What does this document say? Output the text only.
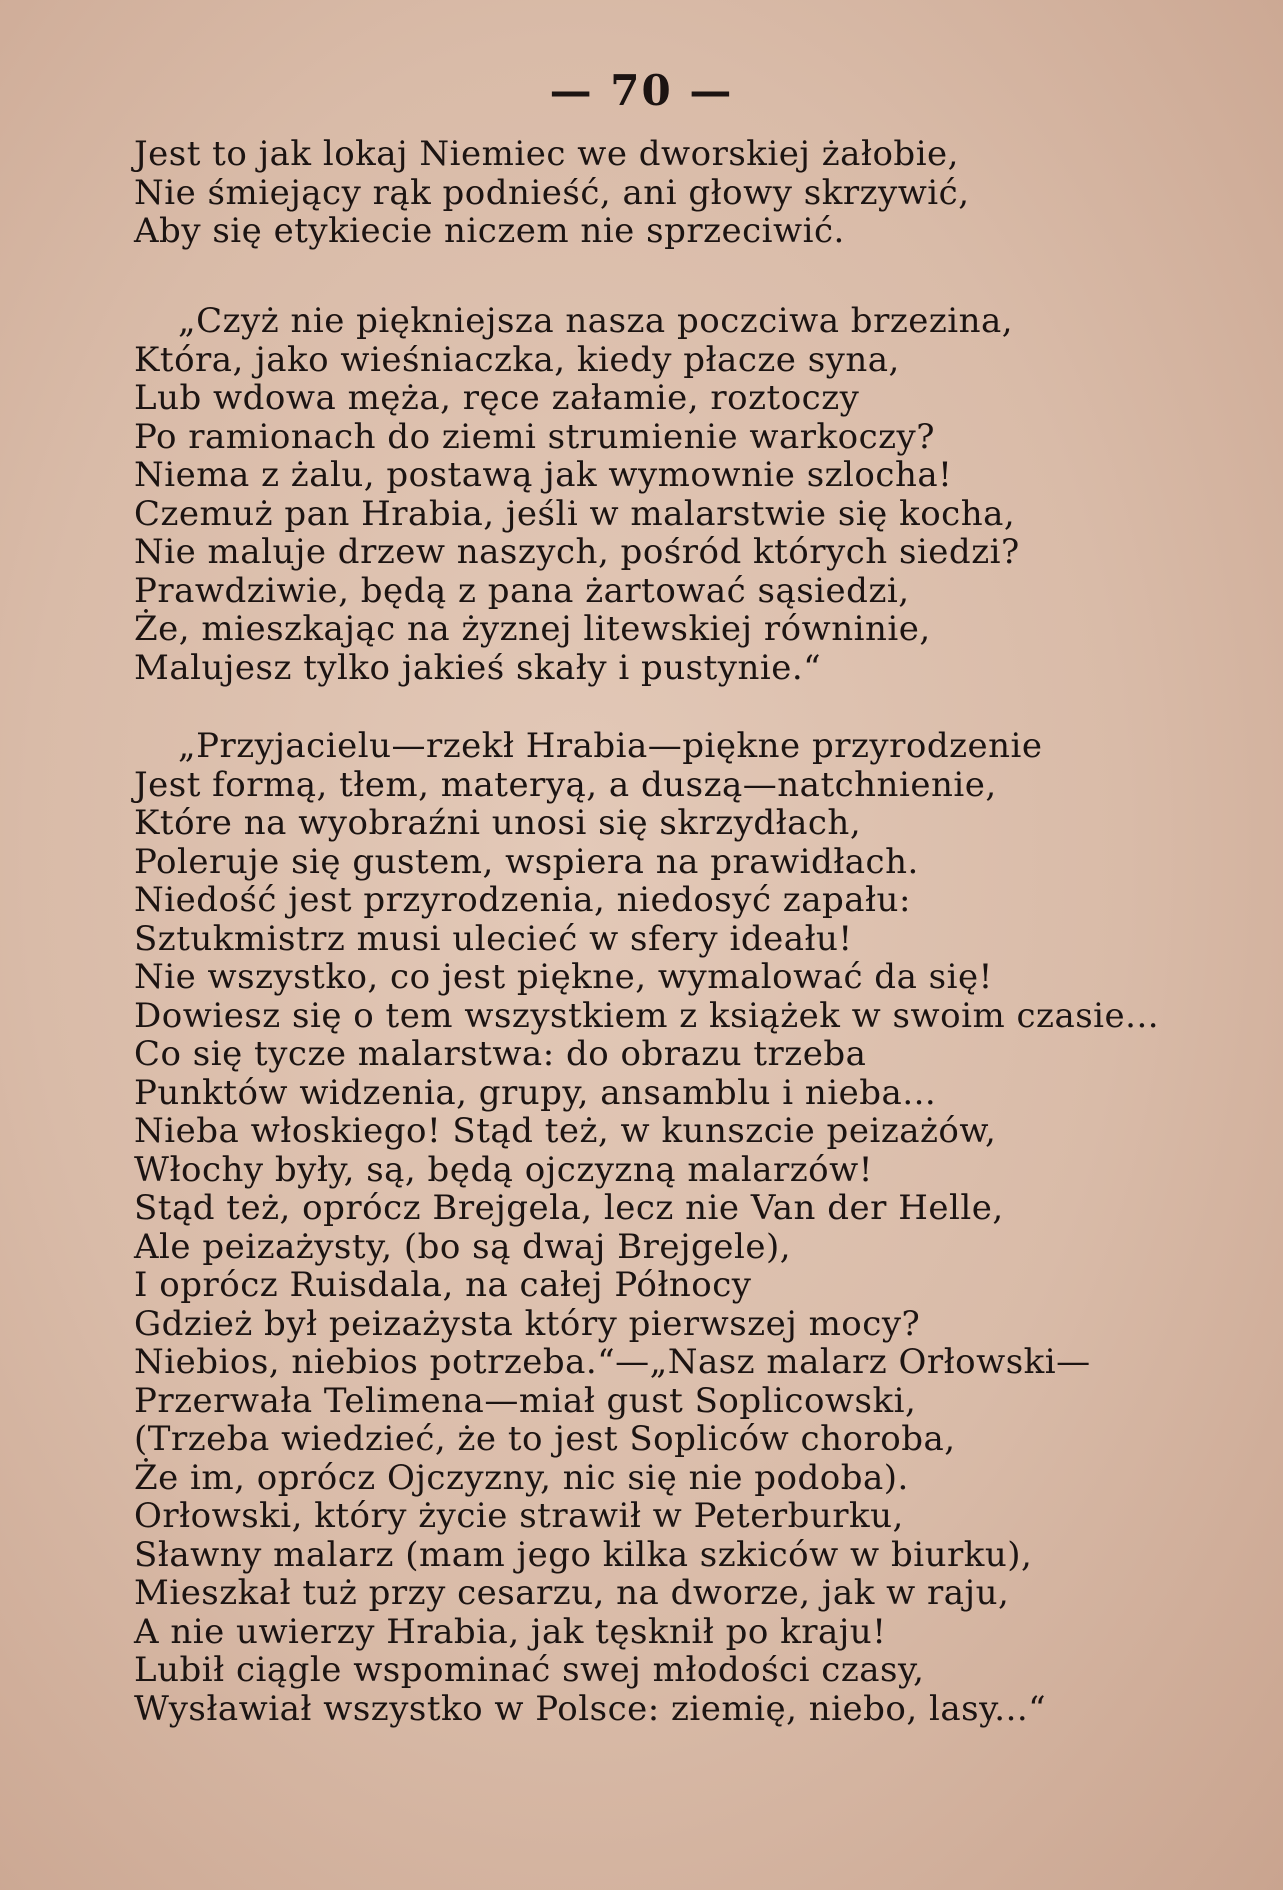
— 70 —
Jest to jak lokaj Niemiec we dworskiej żałobie,
Nie śmiejący rąk podnieść, ani głowy skrzywić,
Aby się etykiecie niczem nie sprzeciwić.
„Czyż nie piękniejsza nasza poczciwa brzezina,
Która, jako wieśniaczka, kiedy płacze syna,
Lub wdowa męża, ręce załamie, roztoczy
Po ramionach do ziemi strumienie warkoczy?
Niema z żalu, postawą jak wymownie szlocha!
Czemuż pan Hrabia, jeśli w malarstwie się kocha,
Nie maluje drzew naszych, pośród których siedzi?
Prawdziwie, będą z pana żartować sąsiedzi,
Że, mieszkając na żyznej litewskiej równinie,
Malujesz tylko jakieś skały i pustynie.“
„Przyjacielu—rzekł Hrabia—piękne przyrodzenie
Jest formą, tłem, materyą, a duszą—natchnienie,
Które na wyobraźni unosi się skrzydłach,
Poleruje się gustem, wspiera na prawidłach.
Niedość jest przyrodzenia, niedosyć zapału:
Sztukmistrz musi ulecieć w sfery ideału!
Nie wszystko, co jest piękne, wymalować da się!
Dowiesz się o tem wszystkiem z książek w swoim czasie...
Co się tycze malarstwa: do obrazu trzeba
Punktów widzenia, grupy, ansamblu i nieba...
Nieba włoskiego! Stąd też, w kunszcie peizażów,
Włochy były, są, będą ojczyzną malarzów!
Stąd też, oprócz Brejgela, lecz nie Van der Helle,
Ale peizażysty, (bo są dwaj Brejgele),
I oprócz Ruisdala, na całej Północy
Gdzież był peizażysta który pierwszej mocy?
Niebios, niebios potrzeba.“—„Nasz malarz Orłowski—
Przerwała Telimena—miał gust Soplicowski,
(Trzeba wiedzieć, że to jest Sopliców choroba,
Że im, oprócz Ojczyzny, nic się nie podoba).
Orłowski, który życie strawił w Peterburku,
Sławny malarz (mam jego kilka szkiców w biurku),
Mieszkał tuż przy cesarzu, na dworze, jak w raju,
A nie uwierzy Hrabia, jak tęsknił po kraju!
Lubił ciągle wspominać swej młodości czasy,
Wysławiał wszystko w Polsce: ziemię, niebo, lasy...“
